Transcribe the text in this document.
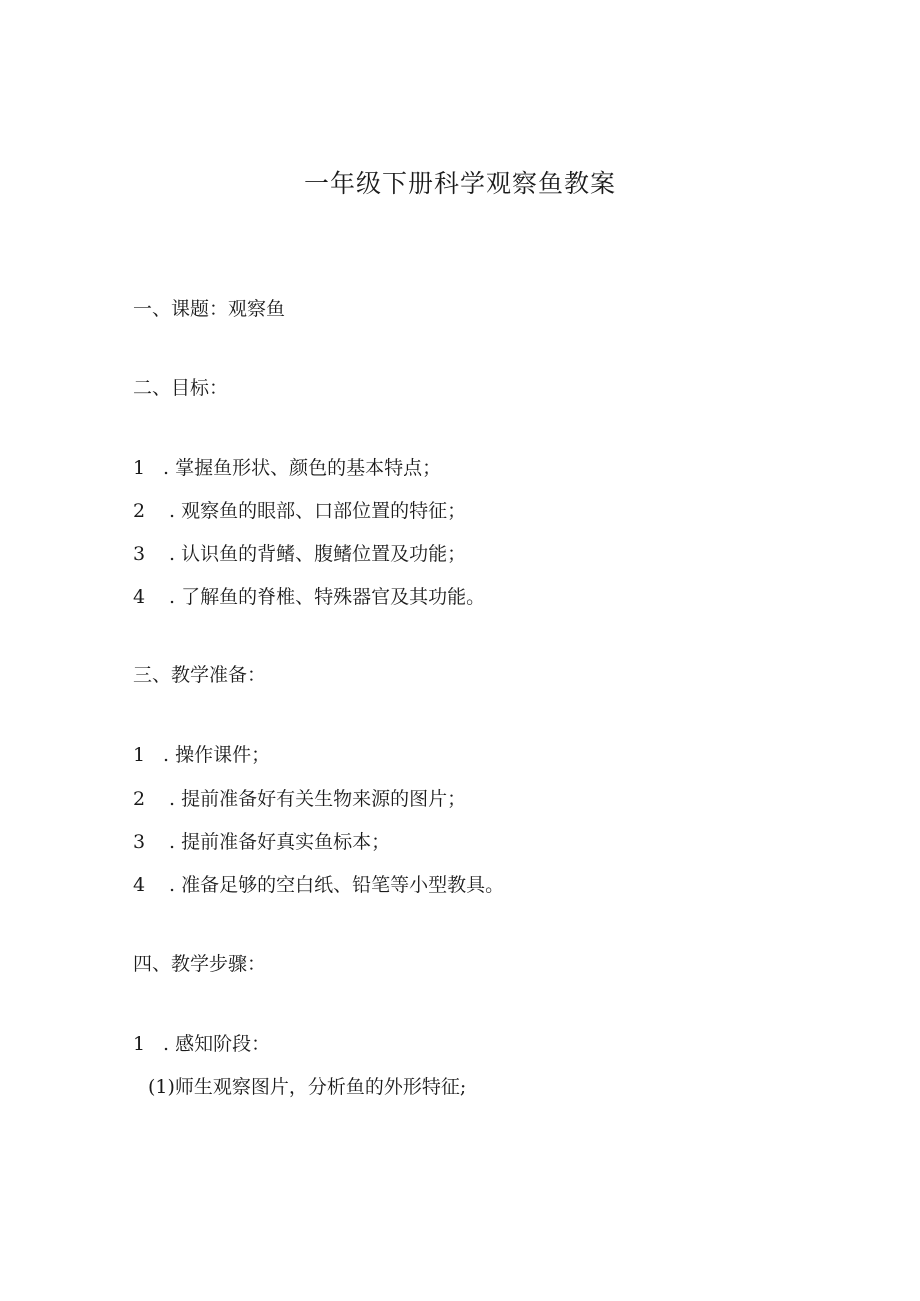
一年级下册科学观察鱼教案
一、课题：观察鱼
二、目标：
1 . 掌握鱼形状、颜色的基本特点；
2 . 观察鱼的眼部、口部位置的特征；
3 . 认识鱼的背鳍、腹鳍位置及功能；
4 . 了解鱼的脊椎、特殊器官及其功能。
三、教学准备：
1 . 操作课件；
2 . 提前准备好有关生物来源的图片；
3 . 提前准备好真实鱼标本；
4 . 准备足够的空白纸、铅笔等小型教具。
四、教学步骤：
1 . 感知阶段：
(1)师生观察图片，分析鱼的外形特征;
